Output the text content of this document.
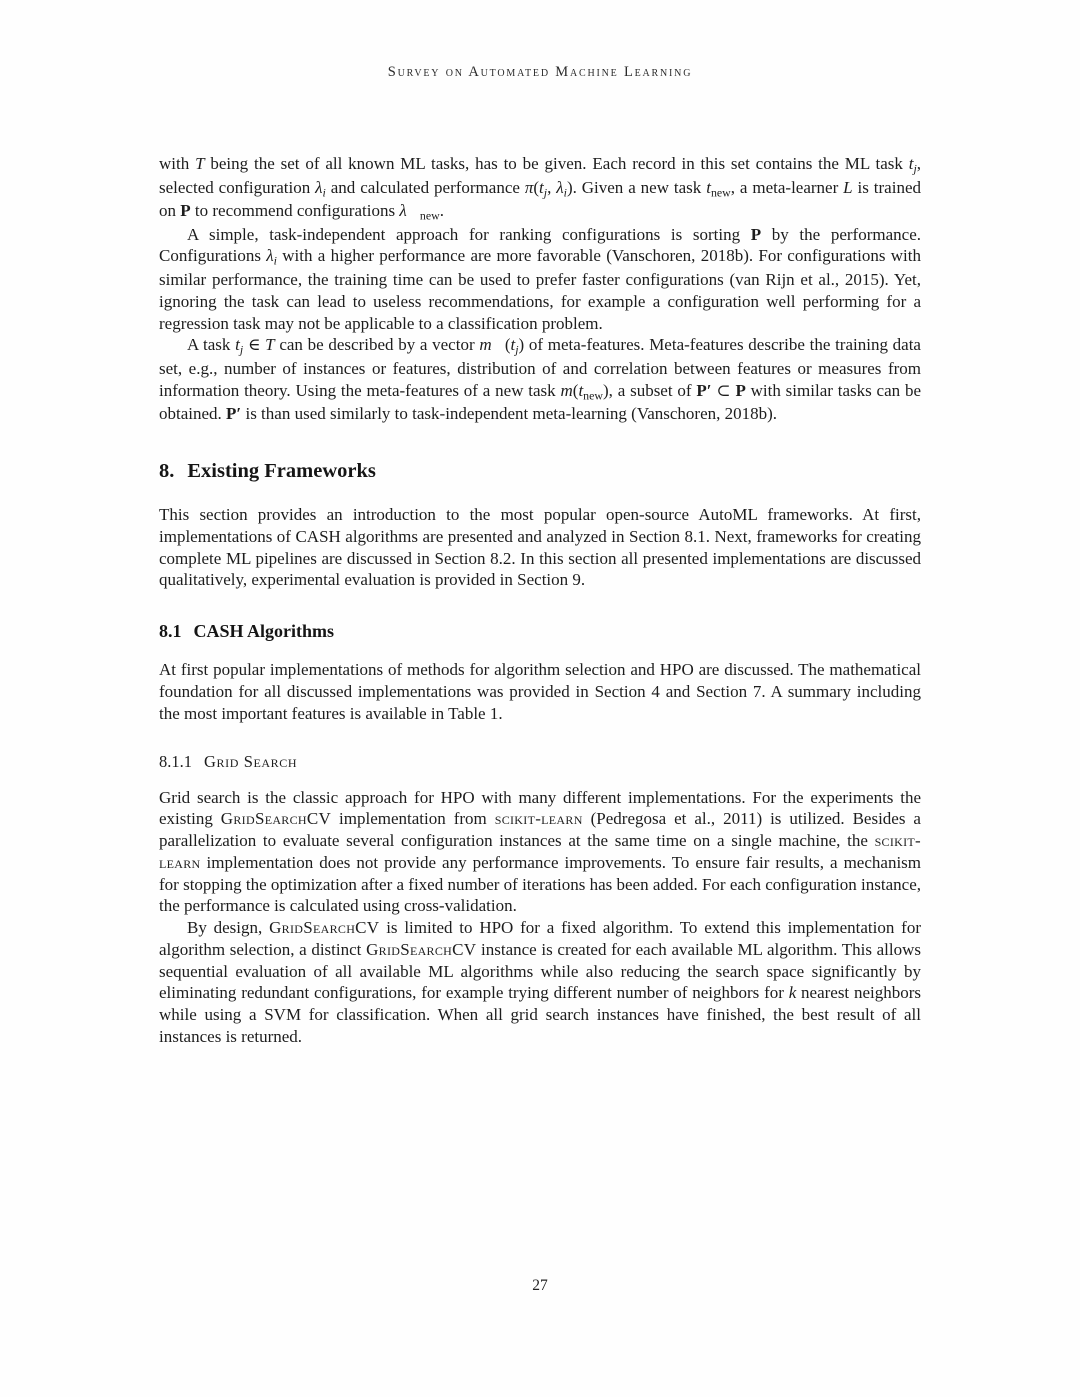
Survey on Automated Machine Learning

with T being the set of all known ML tasks, has to be given. Each record in this set contains the ML task tj, selected configuration λi and calculated performance π(tj, λi). Given a new task tnew, a meta-learner L is trained on P to recommend configurations λ⃗new.

A simple, task-independent approach for ranking configurations is sorting P by the performance. Configurations λi with a higher performance are more favorable (Vanschoren, 2018b). For configurations with similar performance, the training time can be used to prefer faster configurations (van Rijn et al., 2015). Yet, ignoring the task can lead to useless recommendations, for example a configuration well performing for a regression task may not be applicable to a classification problem.

A task tj ∈ T can be described by a vector m⃗(tj) of meta-features. Meta-features describe the training data set, e.g., number of instances or features, distribution of and correlation between features or measures from information theory. Using the meta-features of a new task m(tnew), a subset of P′ ⊂ P with similar tasks can be obtained. P′ is than used similarly to task-independent meta-learning (Vanschoren, 2018b).

8. Existing Frameworks

This section provides an introduction to the most popular open-source AutoML frameworks. At first, implementations of CASH algorithms are presented and analyzed in Section 8.1. Next, frameworks for creating complete ML pipelines are discussed in Section 8.2. In this section all presented implementations are discussed qualitatively, experimental evaluation is provided in Section 9.

8.1 CASH Algorithms

At first popular implementations of methods for algorithm selection and HPO are discussed. The mathematical foundation for all discussed implementations was provided in Section 4 and Section 7. A summary including the most important features is available in Table 1.

8.1.1 Grid Search

Grid search is the classic approach for HPO with many different implementations. For the experiments the existing GridSearchCV implementation from scikit-learn (Pedregosa et al., 2011) is utilized. Besides a parallelization to evaluate several configuration instances at the same time on a single machine, the scikit-learn implementation does not provide any performance improvements. To ensure fair results, a mechanism for stopping the optimization after a fixed number of iterations has been added. For each configuration instance, the performance is calculated using cross-validation.

By design, GridSearchCV is limited to HPO for a fixed algorithm. To extend this implementation for algorithm selection, a distinct GridSearchCV instance is created for each available ML algorithm. This allows sequential evaluation of all available ML algorithms while also reducing the search space significantly by eliminating redundant configurations, for example trying different number of neighbors for k nearest neighbors while using a SVM for classification. When all grid search instances have finished, the best result of all instances is returned.

27
